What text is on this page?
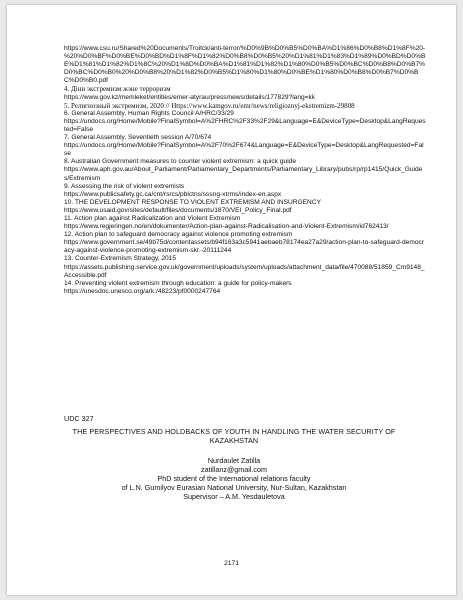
https://www.csu.ru/Shared%20Documents/Troitck/anti-terror/%D0%9B%D0%B5%D0%BA%D1%86%D0%B8%D1%8F%20-%20%D0%BF%D0%BE%D0%BD%D1%8F%D1%82%D0%B8%D0%B5%20%D1%81%D1%83%D1%89%D0%BD%D0%BE%D1%81%D1%82%D1%8C%20%D1%8D%D0%BA%D1%81%D1%82%D1%80%D0%B5%D0%BC%D0%B8%D0%B7%D0%BC%D0%B0%20%D0%B8%20%D1%82%D0%B5%D1%80%D1%80%D0%BE%D1%80%D0%B8%D0%B7%D0%BC%D0%B0.pdf
4. Дінн экстремизм жэне терроризм
https://www.gov.kz/memleket/entities/emer-atyrau/press/news/details/177829?lang=kk
5. Религиозный экстремизм, 2020 // Https://www.kamgov.ru/emr/news/religioznyj-ekstremizm-29808
6. General Assembly, Human Rights Council A/HRC/33/29
https://undocs.org/Home/Mobile?FinalSymbol=A%2FHRC%2F33%2F29&Language=E&DeviceType=Desktop&LangRequested=False
7. General Assembly, Seventieth session A/70/674
https://undocs.org/Home/Mobile?FinalSymbol=A%2F70%2F674&Language=E&DeviceType=Desktop&LangRequested=False
8. Australian Government measures to counter violent extremism: a quick guide
https://www.aph.gov.au/About_Parliament/Parliamentary_Departments/Parliamentary_Library/pubs/rp/rp1415/Quick_Guides/Extremism
9. Assessing the risk of violent extremists
https://www.publicsafety.gc.ca/cnt/rsrcs/pblctns/sssng-xtrms/index-en.aspx
10. THE DEVELOPMENT RESPONSE TO VIOLENT EXTREMISM AND INSURGENCY
https://www.usaid.gov/sites/default/files/documents/1870/VEI_Policy_Final.pdf
11. Action plan against Radicalization and Violent Extremism
https://www.regjeringen.no/en/dokumenter/Action-plan-against-Radicalisation-and-Violent-Extremism/id762413/
12. Action plan to safeguard democracy against violence promoting extremism
https://www.government.se/49b75d/contentassets/b94f163a3c5941aebaeb78174ea27a29/action-plan-to-safeguard-democracy-against-violence-promoting-extremism-skr.-20111244
13. Counter-Extremism Strategy, 2015
https://assets.publishing.service.gov.uk/government/uploads/system/uploads/attachment_data/file/470088/51859_Cm9148_Accessible.pdf
14. Preventing violent extremism through education: a guide for policy-makers
https://unesdoc.unesco.org/ark:/48223/pf0000247764
UDC 327
THE PERSPECTIVES AND HOLDBACKS OF YOUTH IN HANDLING THE WATER SECURITY OF KAZAKHSTAN
Nurdaulet Zatilla
zatillanz@gmail.com
PhD student of the International relations faculty
of L.N. Gumilyov Eurasian National University, Nur-Sultan, Kazakhstan
Supervisor – A.M. Yesdauletova
2171
